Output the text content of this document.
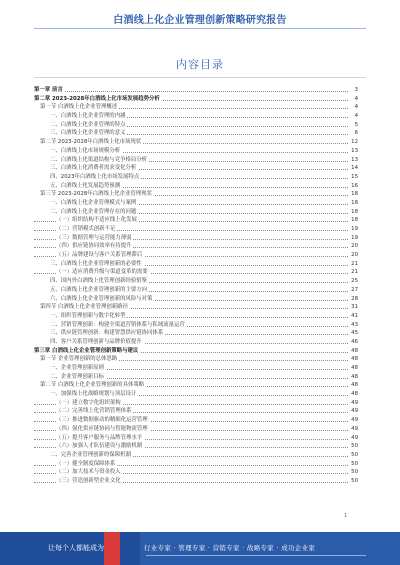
白酒线上化企业管理创新策略研究报告
内容目录
第一章 前言	3
第二章 2023-2028年白酒线上化市场发展趋势分析	4
第一节 白酒线上化企业管理概述	4
一、白酒线上化企业管理的内涵	4
二、白酒线上化企业管理的特点	5
三、白酒线上化企业管理的意义	6
第二节 2023-2028年白酒线上化市场现状	12
一、白酒线上化市场规模分析	13
二、白酒线上化渠道结构与竞争格局分析	13
三、白酒线上化消费者需求变化分析	14
四、2023年白酒线上化市场发展特点	15
五、白酒线上化发展趋势预测	16
第三节 2023-2028年白酒线上化企业管理现状	18
一、白酒线上化企业管理模式与案例	18
二、白酒线上化企业管理存在的问题	18
（一）组织结构不适应线上化发展	18
（二）营销模式创新不足	19
（三）数据管理与运营能力薄弱	19
（四）供应链协同效率有待提升	20
（五）品牌建设与客户关系管理滞后	20
三、白酒线上化企业管理创新的必要性	21
（一）适应消费升级与渠道变革的需要	21
四、国内外白酒线上化管理创新经验借鉴	25
五、白酒线上化企业管理创新的主要方向	27
六、白酒线上化企业管理创新的风险与对策	28
第四节 白酒线上化企业管理创新路径	31
一、组织管理创新与数字化转型	41
二、营销管理创新：构建全渠道营销体系与私域流量运营	43
三、供应链管理创新：构建智慧供应链协同体系	45
四、客户关系管理创新与品牌价值提升	46
第三章 白酒线上化企业管理创新策略与建议	48
第一节 企业管理创新的总体思路	48
一、企业管理创新原则	48
二、企业管理创新目标	48
第二节 白酒线上化企业管理创新的具体策略	48
一、加强线上化战略规划与顶层设计	48
（一）建立数字化组织架构	49
（二）完善线上化营销管理体系	49
（三）推进数据驱动的精细化运营管理	49
（四）强化供应链协同与智能物流管理	49
（五）提升客户服务与品牌管理水平	49
（六）加强人才队伍建设与激励机制	50
二、完善企业管理创新的保障机制	50
（一）健全制度保障体系	50
（二）加大技术与资金投入	50
（三）营造创新型企业文化	50
1
让每个人都能成为	行业专家 · 管理专家 · 营销专家 · 战略专家 · 成功企业家
